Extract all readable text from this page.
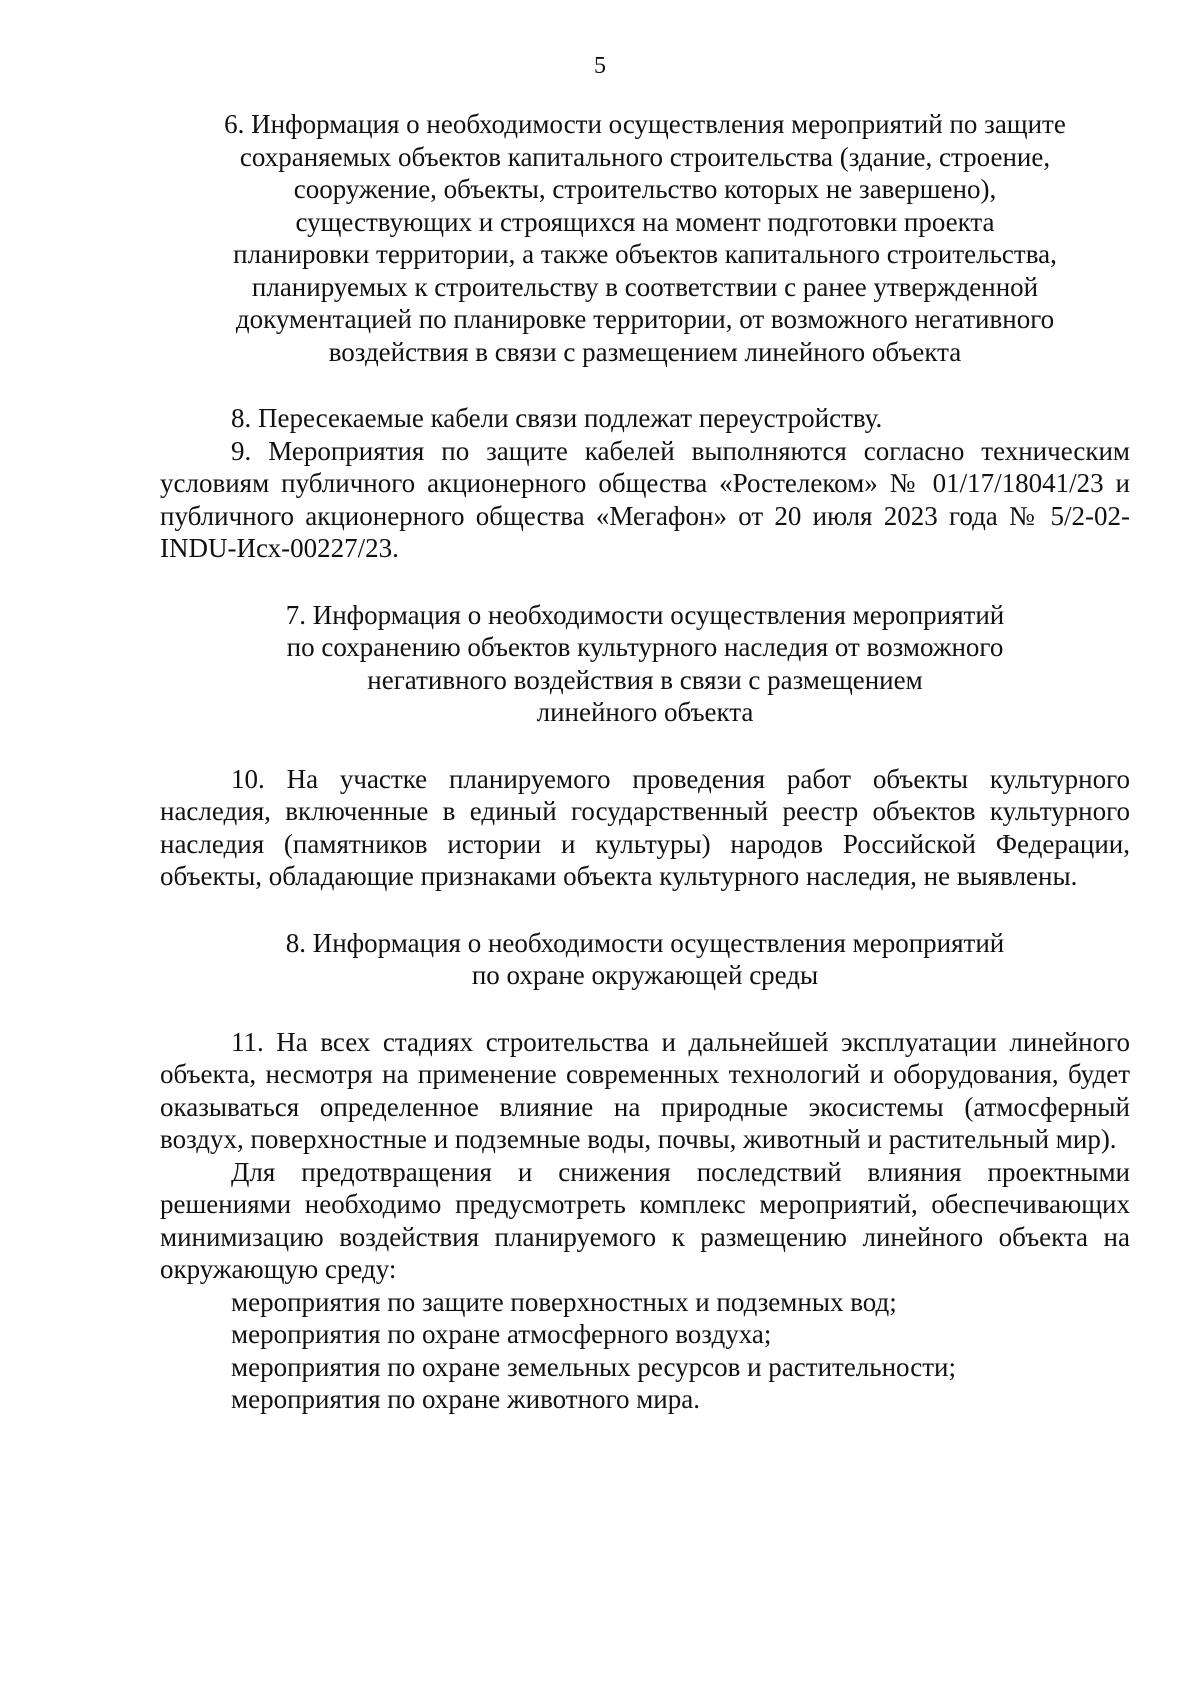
5
6. Информация о необходимости осуществления мероприятий по защите
сохраняемых объектов капитального строительства (здание, строение,
сооружение, объекты, строительство которых не завершено),
существующих и строящихся на момент подготовки проекта
планировки территории, а также объектов капитального строительства,
планируемых к строительству в соответствии с ранее утвержденной
документацией по планировке территории, от возможного негативного
воздействия в связи с размещением линейного объекта

8. Пересекаемые кабели связи подлежат переустройству.

9. Мероприятия по защите кабелей выполняются согласно техническим условиям публичного акционерного общества «Ростелеком» № 01/17/18041/23 и публичного акционерного общества «Мегафон» от 20 июля 2023 года № 5/2-02-INDU-Исх-00227/23.

7. Информация о необходимости осуществления мероприятий
по сохранению объектов культурного наследия от возможного
негативного воздействия в связи с размещением
линейного объекта

10. На участке планируемого проведения работ объекты культурного наследия, включенные в единый государственный реестр объектов культурного наследия (памятников истории и культуры) народов Российской Федерации, объекты, обладающие признаками объекта культурного наследия, не выявлены.

8. Информация о необходимости осуществления мероприятий
по охране окружающей среды

11. На всех стадиях строительства и дальнейшей эксплуатации линейного объекта, несмотря на применение современных технологий и оборудования, будет оказываться определенное влияние на природные экосистемы (атмосферный воздух, поверхностные и подземные воды, почвы, животный и растительный мир).

Для предотвращения и снижения последствий влияния проектными решениями необходимо предусмотреть комплекс мероприятий, обеспечивающих минимизацию воздействия планируемого к размещению линейного объекта на окружающую среду:

мероприятия по защите поверхностных и подземных вод;

мероприятия по охране атмосферного воздуха;

мероприятия по охране земельных ресурсов и растительности;

мероприятия по охране животного мира.
